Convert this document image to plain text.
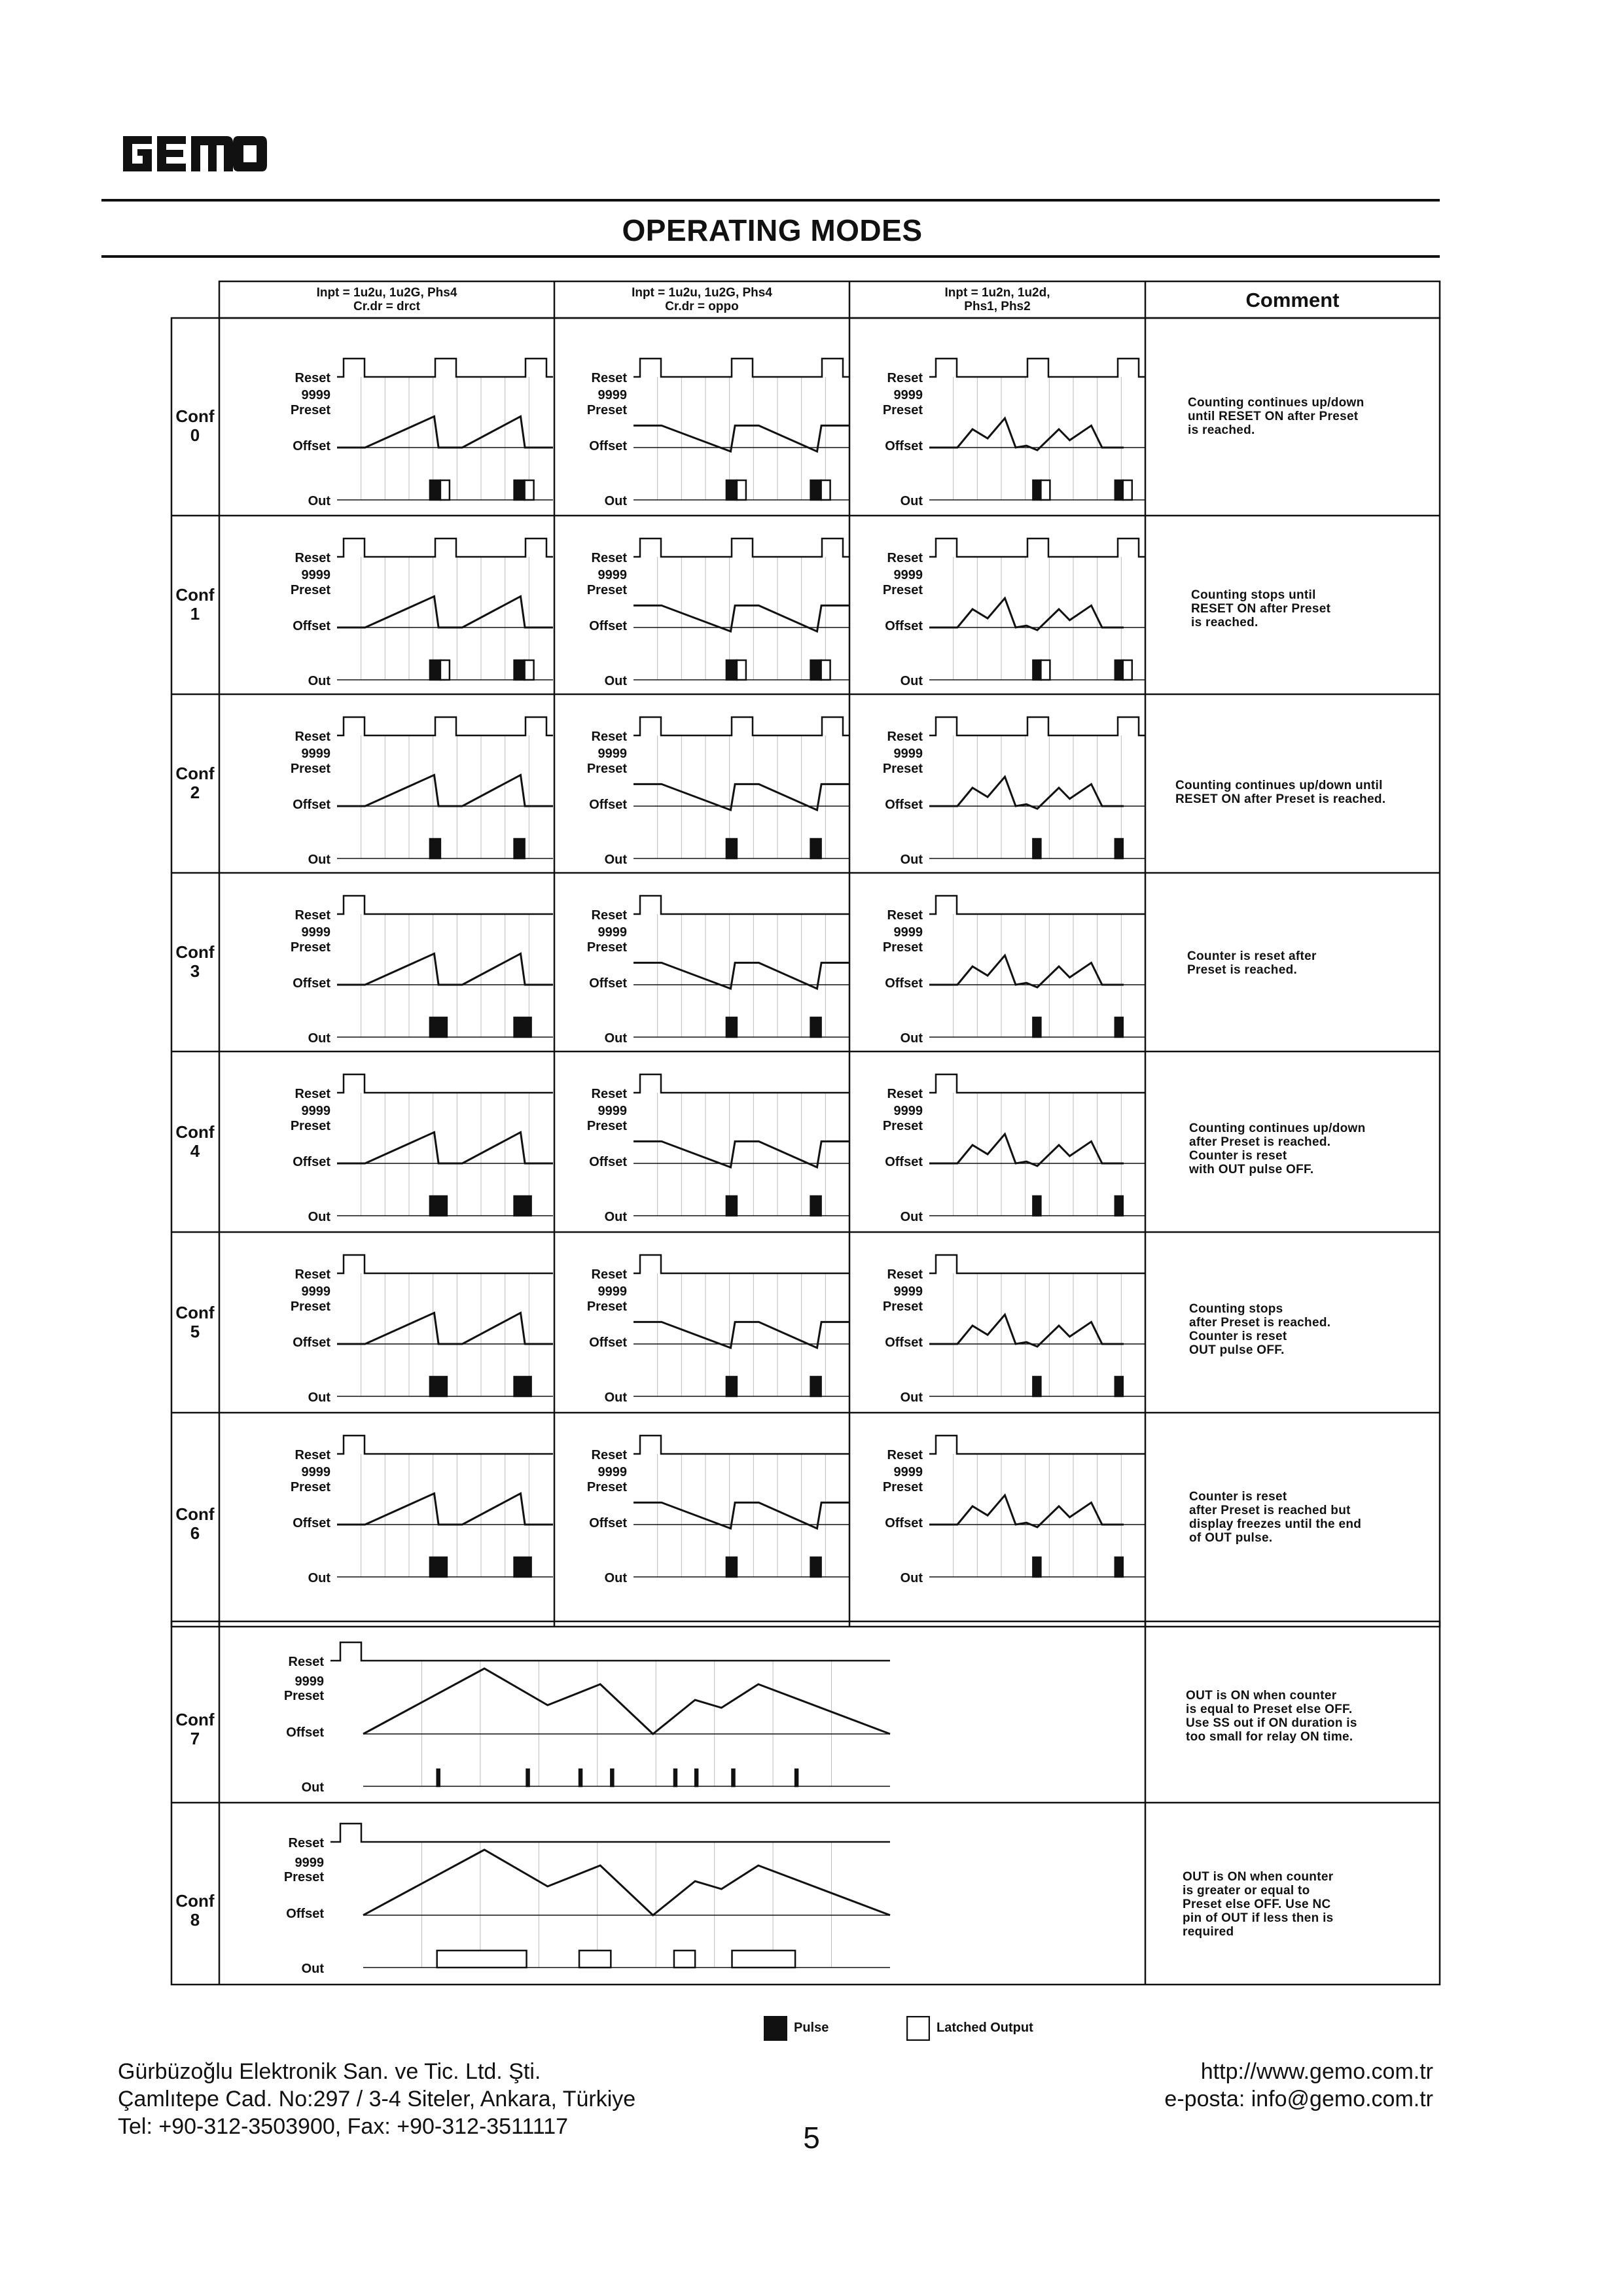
OPERATING MODES
Reset
9999
Preset
Offset
Out
Reset
9999
Preset
Offset
Out
Reset
9999
Preset
Offset
Out
Reset
9999
Preset
Offset
Out
Reset
9999
Preset
Offset
Out
Reset
9999
Preset
Offset
Out
Reset
9999
Preset
Offset
Out
Reset
9999
Preset
Offset
Out
Reset
9999
Preset
Offset
Out
Reset
9999
Preset
Offset
Out
Reset
9999
Preset
Offset
Out
Reset
9999
Preset
Offset
Out
Reset
9999
Preset
Offset
Out
Reset
9999
Preset
Offset
Out
Reset
9999
Preset
Offset
Out
Reset
9999
Preset
Offset
Out
Reset
9999
Preset
Offset
Out
Reset
9999
Preset
Offset
Out
Reset
9999
Preset
Offset
Out
Reset
9999
Preset
Offset
Out
Reset
9999
Preset
Offset
Out
Reset
9999
Preset
Offset
Out
Reset
9999
Preset
Offset
Out
Inpt = 1u2u, 1u2G, Phs4
Cr.dr = drct
Inpt = 1u2u, 1u2G, Phs4
Cr.dr = oppo
Inpt = 1u2n, 1u2d,
Phs1, Phs2	Comment
Conf
0
Conf
1
Conf
2
Conf
3
Conf
4
Conf
5
Conf
6
Conf
7
Conf
8
Counting continues up/down
until RESET ON after Preset
is reached.
Counting stops until
RESET ON after Preset
is reached.
Counting continues up/down until
RESET ON after Preset is reached.
Counter is reset after
Preset is reached.
Counting continues up/down
after Preset is reached.
Counter is reset
with OUT pulse OFF.
Counting stops
after Preset is reached.
Counter is reset
OUT pulse OFF.
Counter is reset
after Preset is reached but
display freezes until the end
of OUT pulse.
OUT is ON when counter
is equal to Preset else OFF.
Use SS out if ON duration is
too small for relay ON time.
OUT is ON when counter
is greater or equal to
Preset else OFF. Use NC
pin of OUT if less then is
required
Pulse	Latched Output
Gürbüzoğlu Elektronik San. ve Tic. Ltd. Şti.
Çamlıtepe Cad. No:297 / 3-4 Siteler, Ankara, Türkiye
Tel: +90-312-3503900, Fax: +90-312-3511117
http://www.gemo.com.tr
e-posta: info@gemo.com.tr
5
